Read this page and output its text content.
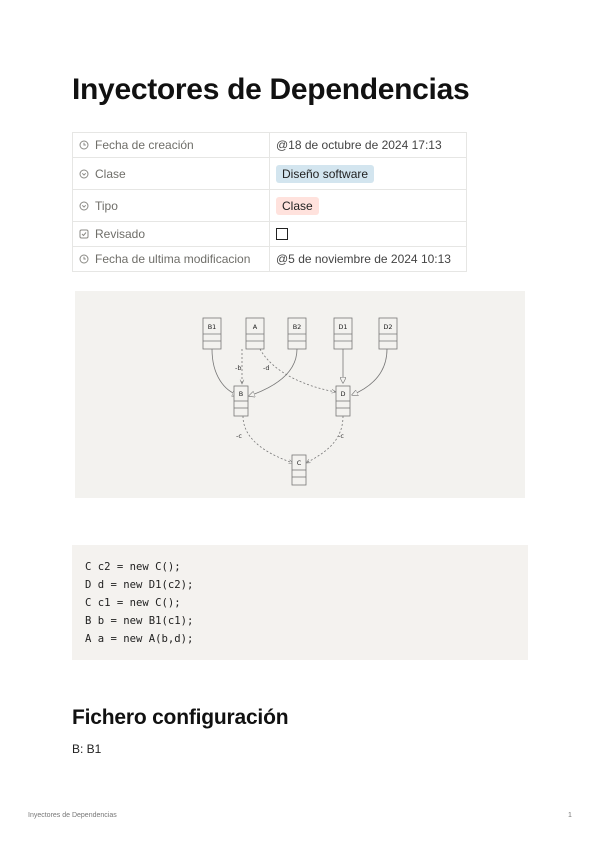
Inyectores de Dependencias
Fecha de creación	@18 de octubre de 2024 17:13
Clase	Diseño software
Tipo	Clase
Revisado	
Fecha de ultima modificacion	@5 de noviembre de 2024 10:13
-b	-d
-c	-c
B1	A	B2	D1	D2
B	D
C
C c2 = new C();
D d = new D1(c2);
C c1 = new C();
B b = new B1(c1);
A a = new A(b,d);
Fichero configuración
B: B1
Inyectores de Dependencias	1
